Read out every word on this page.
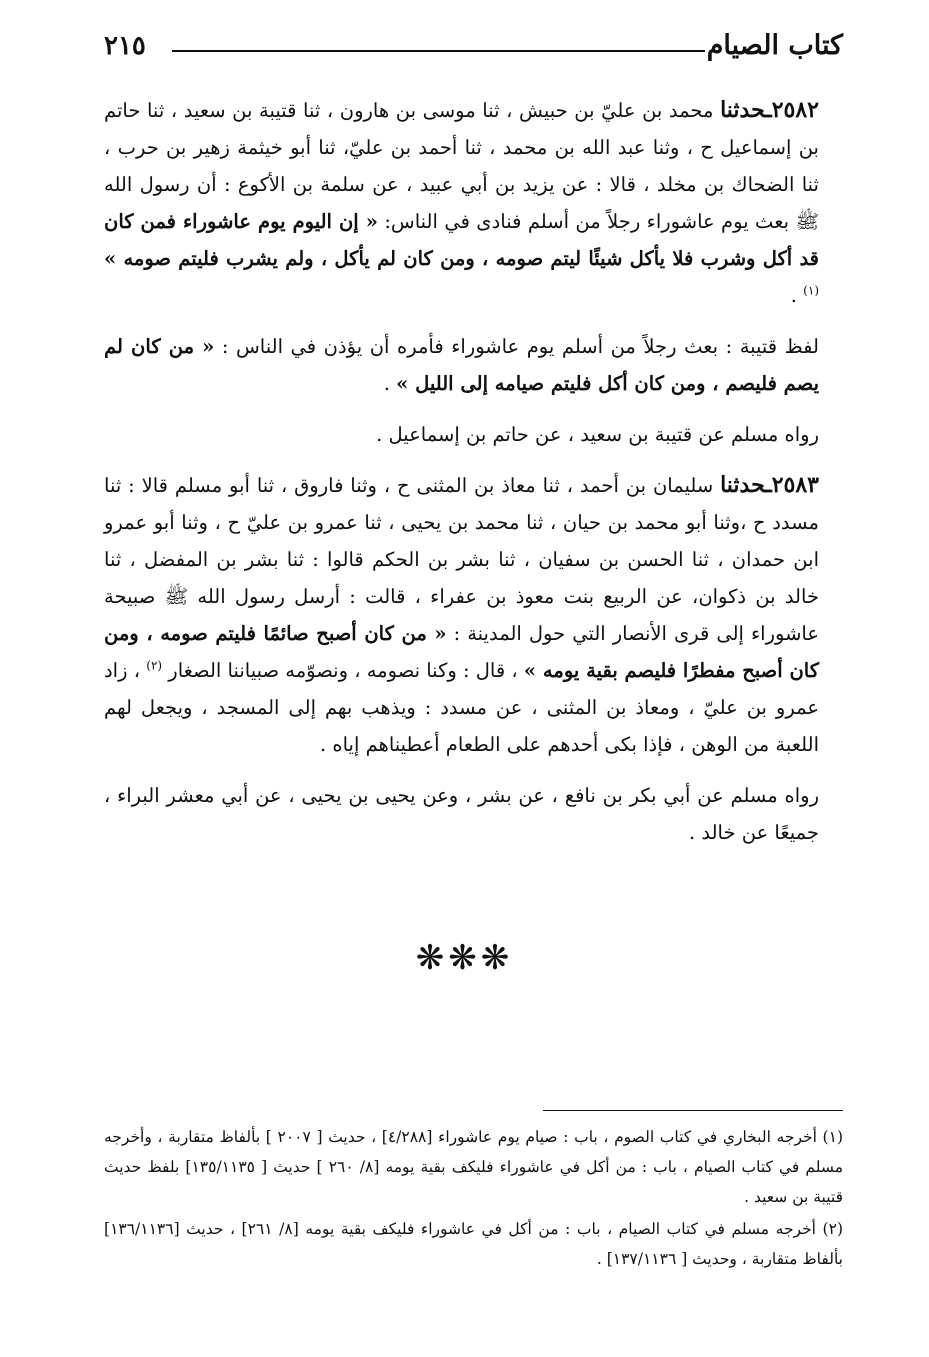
كتاب الصيام
٢١٥

٢٥٨٢ـحدثنا محمد بن عليّ بن حبيش ، ثنا موسى بن هارون ، ثنا قتيبة بن سعيد ، ثنا حاتم بن إسماعيل ح ، وثنا عبد الله بن محمد ، ثنا أحمد بن عليّ، ثنا أبو خيثمة زهير بن حرب ، ثنا الضحاك بن مخلد ، قالا : عن يزيد بن أبي عبيد ، عن سلمة بن الأكوع : أن رسول الله ﷺ بعث يوم عاشوراء رجلاً من أسلم فنادى في الناس: « إن اليوم يوم عاشوراء فمن كان قد أكل وشرب فلا يأكل شيئًا ليتم صومه ، ومن كان لم يأكل ، ولم يشرب فليتم صومه » $^{(١)}$ .

لفظ قتيبة : بعث رجلاً من أسلم يوم عاشوراء فأمره أن يؤذن في الناس : « من كان لم يصم فليصم ، ومن كان أكل فليتم صيامه إلى الليل » .

رواه مسلم عن قتيبة بن سعيد ، عن حاتم بن إسماعيل .

٢٥٨٣ـحدثنا سليمان بن أحمد ، ثنا معاذ بن المثنى ح ، وثنا فاروق ، ثنا أبو مسلم قالا : ثنا مسدد ح ،وثنا أبو محمد بن حيان ، ثنا محمد بن يحيى ، ثنا عمرو بن عليّ ح ، وثنا أبو عمرو ابن حمدان ، ثنا الحسن بن سفيان ، ثنا بشر بن الحكم قالوا : ثنا بشر بن المفضل ، ثنا خالد بن ذكوان، عن الربيع بنت معوذ بن عفراء ، قالت : أرسل رسول الله ﷺ صبيحة عاشوراء إلى قرى الأنصار التي حول المدينة : « من كان أصبح صائمًا فليتم صومه ، ومن كان أصبح مفطرًا فليصم بقية يومه » ، قال : وكنا نصومه ، ونصوّمه صبياننا الصغار $^{(٢)}$ ، زاد عمرو بن عليّ ، ومعاذ بن المثنى ، عن مسدد : ويذهب بهم إلى المسجد ، ويجعل لهم اللعبة من الوهن ، فإذا بكى أحدهم على الطعام أعطيناهم إياه .

رواه مسلم عن أبي بكر بن نافع ، عن بشر ، وعن يحيى بن يحيى ، عن أبي معشر البراء ، جميعًا عن خالد .

❋❋❋

(١) أخرجه البخاري في كتاب الصوم ، باب : صيام يوم عاشوراء [٤/٢٨٨] ، حديث [ ٢٠٠٧ ] بألفاظ متقاربة ، وأخرجه مسلم في كتاب الصيام ، باب : من أكل في عاشوراء فليكف بقية يومه [٨/ ٢٦٠ ] حديث [ ١٣٥/١١٣٥] بلفظ حديث قتيبة بن سعيد .

(٢) أخرجه مسلم في كتاب الصيام ، باب : من أكل في عاشوراء فليكف بقية يومه [٨/ ٢٦١] ، حديث [١٣٦/١١٣٦] بألفاظ متقاربة ، وحديث [ ١٣٧/١١٣٦] .
